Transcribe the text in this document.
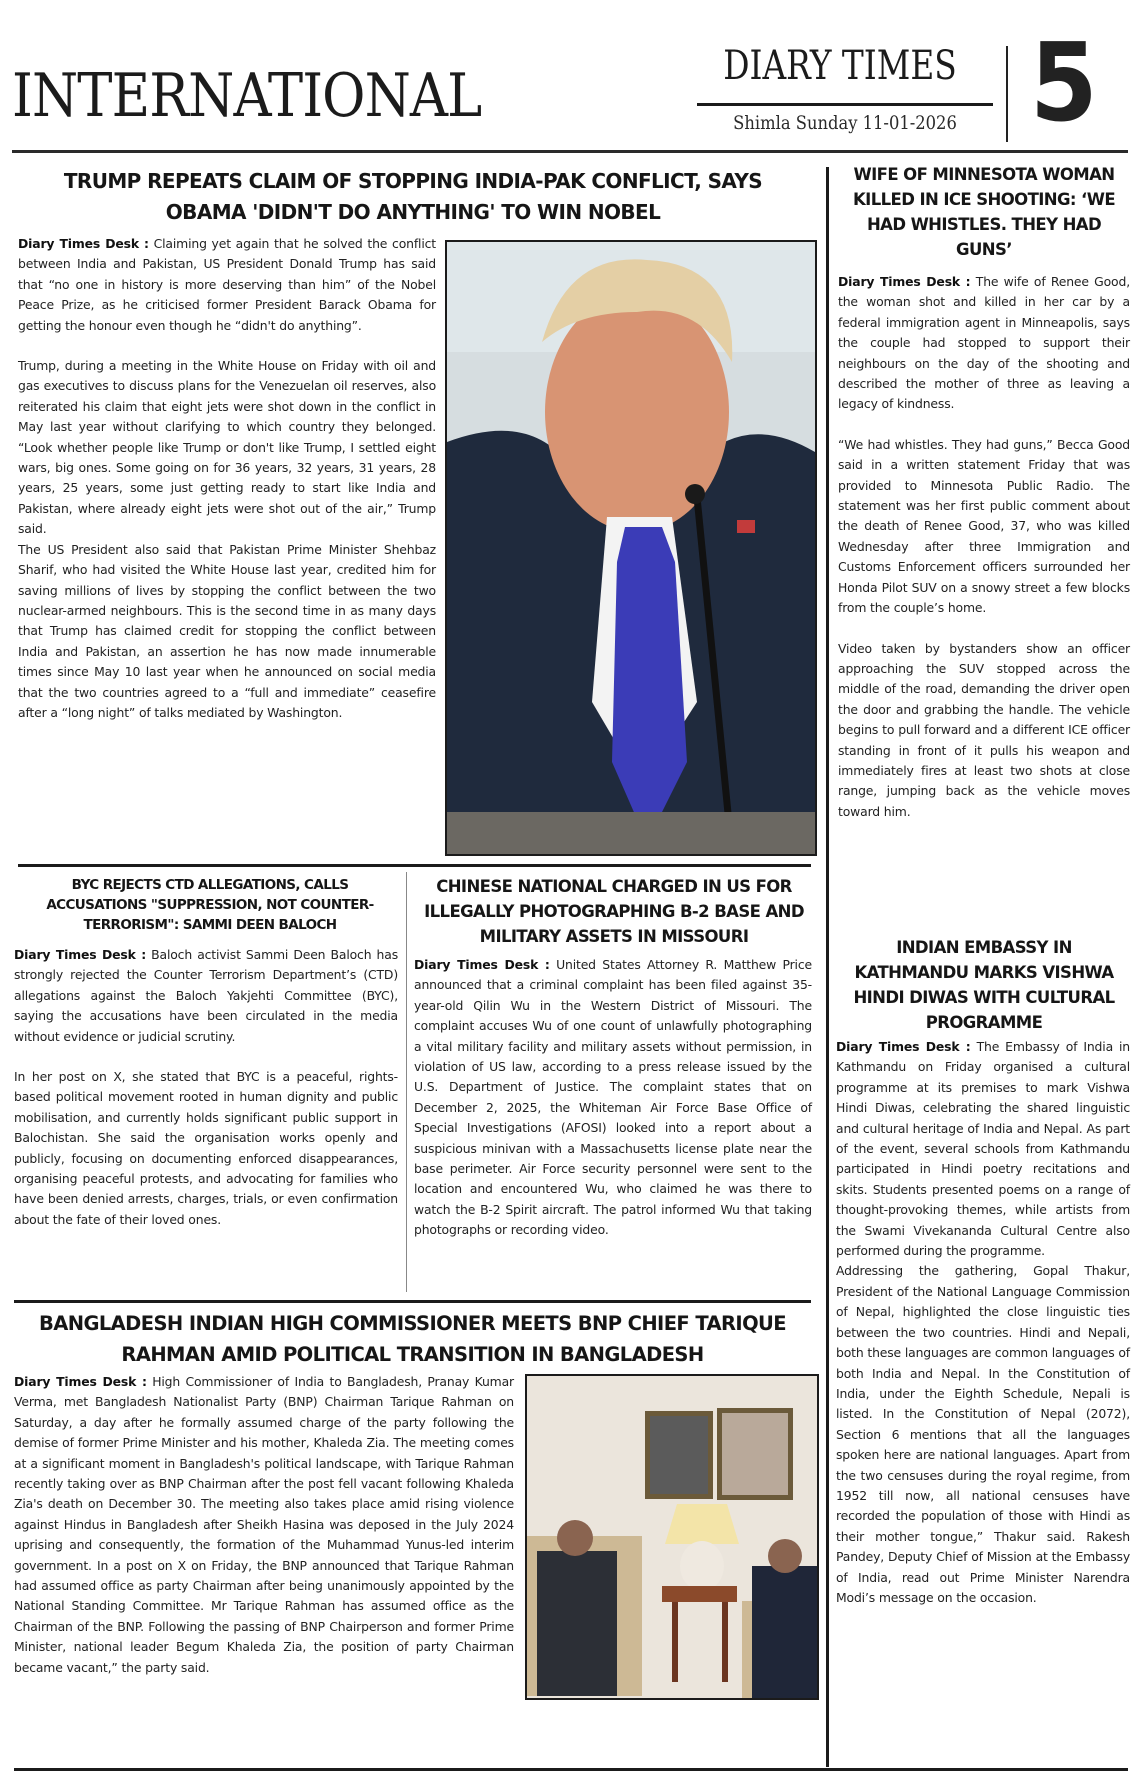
INTERNATIONAL	DIARY TIMES
Shimla Sunday 11-01-2026 5
TRUMP REPEATS CLAIM OF STOPPING INDIA-PAK CONFLICT, SAYS
OBAMA 'DIDN'T DO ANYTHING' TO WIN NOBEL

Diary Times Desk : Claiming yet again that he solved the conflict between India and Pakistan, US President Donald Trump has said that “no one in history is more deserving than him” of the Nobel Peace Prize, as he criticised former President Barack Obama for getting the honour even though he “didn't do anything”.

Trump, during a meeting in the White House on Friday with oil and gas executives to discuss plans for the Venezuelan oil reserves, also reiterated his claim that eight jets were shot down in the conflict in May last year without clarifying to which country they belonged. “Look whether people like Trump or don't like Trump, I settled eight wars, big ones. Some going on for 36 years, 32 years, 31 years, 28 years, 25 years, some just getting ready to start like India and Pakistan, where already eight jets were shot out of the air,” Trump said.

The US President also said that Pakistan Prime Minister Shehbaz Sharif, who had visited the White House last year, credited him for saving millions of lives by stopping the conflict between the two nuclear-armed neighbours. This is the second time in as many days that Trump has claimed credit for stopping the conflict between India and Pakistan, an assertion he has now made innumerable times since May 10 last year when he announced on social media that the two countries agreed to a “full and immediate” ceasefire after a “long night” of talks mediated by Washington.

WIFE OF MINNESOTA WOMAN KILLED IN ICE SHOOTING: ‘WE HAD WHISTLES. THEY HAD GUNS’

Diary Times Desk : The wife of Renee Good, the woman shot and killed in her car by a federal immigration agent in Minneapolis, says the couple had stopped to support their neighbours on the day of the shooting and described the mother of three as leaving a legacy of kindness.

“We had whistles. They had guns,” Becca Good said in a written statement Friday that was provided to Minnesota Public Radio. The statement was her first public comment about the death of Renee Good, 37, who was killed Wednesday after three Immigration and Customs Enforcement officers surrounded her Honda Pilot SUV on a snowy street a few blocks from the couple’s home.

Video taken by bystanders show an officer approaching the SUV stopped across the middle of the road, demanding the driver open the door and grabbing the handle. The vehicle begins to pull forward and a different ICE officer standing in front of it pulls his weapon and immediately fires at least two shots at close range, jumping back as the vehicle moves toward him.

INDIAN EMBASSY IN KATHMANDU MARKS VISHWA HINDI DIWAS WITH CULTURAL PROGRAMME

Diary Times Desk : The Embassy of India in Kathmandu on Friday organised a cultural programme at its premises to mark Vishwa Hindi Diwas, celebrating the shared linguistic and cultural heritage of India and Nepal. As part of the event, several schools from Kathmandu participated in Hindi poetry recitations and skits. Students presented poems on a range of thought-provoking themes, while artists from the Swami Vivekananda Cultural Centre also performed during the programme.

Addressing the gathering, Gopal Thakur, President of the National Language Commission of Nepal, highlighted the close linguistic ties between the two countries. Hindi and Nepali, both these languages are common languages of both India and Nepal. In the Constitution of India, under the Eighth Schedule, Nepali is listed. In the Constitution of Nepal (2072), Section 6 mentions that all the languages spoken here are national languages. Apart from the two censuses during the royal regime, from 1952 till now, all national censuses have recorded the population of those with Hindi as their mother tongue,” Thakur said. Rakesh Pandey, Deputy Chief of Mission at the Embassy of India, read out Prime Minister Narendra Modi’s message on the occasion.

BYC REJECTS CTD ALLEGATIONS, CALLS ACCUSATIONS "SUPPRESSION, NOT COUNTER-TERRORISM": SAMMI DEEN BALOCH

Diary Times Desk : Baloch activist Sammi Deen Baloch has strongly rejected the Counter Terrorism Department’s (CTD) allegations against the Baloch Yakjehti Committee (BYC), saying the accusations have been circulated in the media without evidence or judicial scrutiny.

In her post on X, she stated that BYC is a peaceful, rights-based political movement rooted in human dignity and public mobilisation, and currently holds significant public support in Balochistan. She said the organisation works openly and publicly, focusing on documenting enforced disappearances, organising peaceful protests, and advocating for families who have been denied arrests, charges, trials, or even confirmation about the fate of their loved ones.

CHINESE NATIONAL CHARGED IN US FOR ILLEGALLY PHOTOGRAPHING B-2 BASE AND MILITARY ASSETS IN MISSOURI

Diary Times Desk : United States Attorney R. Matthew Price announced that a criminal complaint has been filed against 35-year-old Qilin Wu in the Western District of Missouri. The complaint accuses Wu of one count of unlawfully photographing a vital military facility and military assets without permission, in violation of US law, according to a press release issued by the U.S. Department of Justice. The complaint states that on December 2, 2025, the Whiteman Air Force Base Office of Special Investigations (AFOSI) looked into a report about a suspicious minivan with a Massachusetts license plate near the base perimeter. Air Force security personnel were sent to the location and encountered Wu, who claimed he was there to watch the B-2 Spirit aircraft. The patrol informed Wu that taking photographs or recording video.

BANGLADESH INDIAN HIGH COMMISSIONER MEETS BNP CHIEF TARIQUE
RAHMAN AMID POLITICAL TRANSITION IN BANGLADESH

Diary Times Desk : High Commissioner of India to Bangladesh, Pranay Kumar Verma, met Bangladesh Nationalist Party (BNP) Chairman Tarique Rahman on Saturday, a day after he formally assumed charge of the party following the demise of former Prime Minister and his mother, Khaleda Zia. The meeting comes at a significant moment in Bangladesh's political landscape, with Tarique Rahman recently taking over as BNP Chairman after the post fell vacant following Khaleda Zia's death on December 30. The meeting also takes place amid rising violence against Hindus in Bangladesh after Sheikh Hasina was deposed in the July 2024 uprising and consequently, the formation of the Muhammad Yunus-led interim government. In a post on X on Friday, the BNP announced that Tarique Rahman had assumed office as party Chairman after being unanimously appointed by the National Standing Committee. Mr Tarique Rahman has assumed office as the Chairman of the BNP. Following the passing of BNP Chairperson and former Prime Minister, national leader Begum Khaleda Zia, the position of party Chairman became vacant,” the party said.
